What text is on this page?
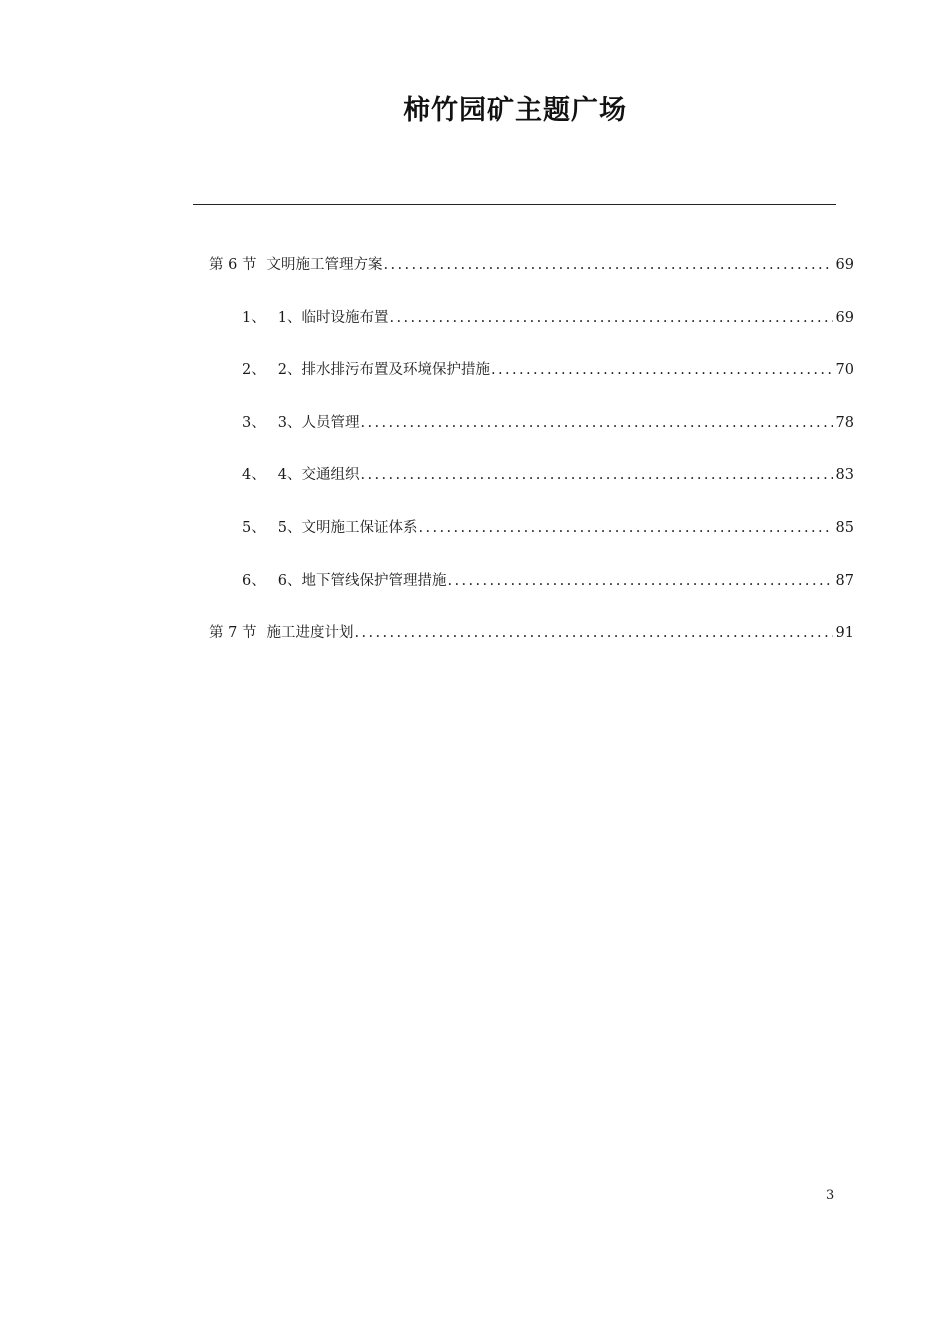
柿竹园矿主题广场
第 6 节 文明施工管理方案 .....	69
1、 1、临时设施布置 .....	69
2、 2、排水排污布置及环境保护措施 .....	70
3、 3、人员管理 .....	78
4、 4、交通组织 .....	83
5、 5、文明施工保证体系 .....	85
6、 6、地下管线保护管理措施 .....	87
第 7 节 施工进度计划 .....	91
3
